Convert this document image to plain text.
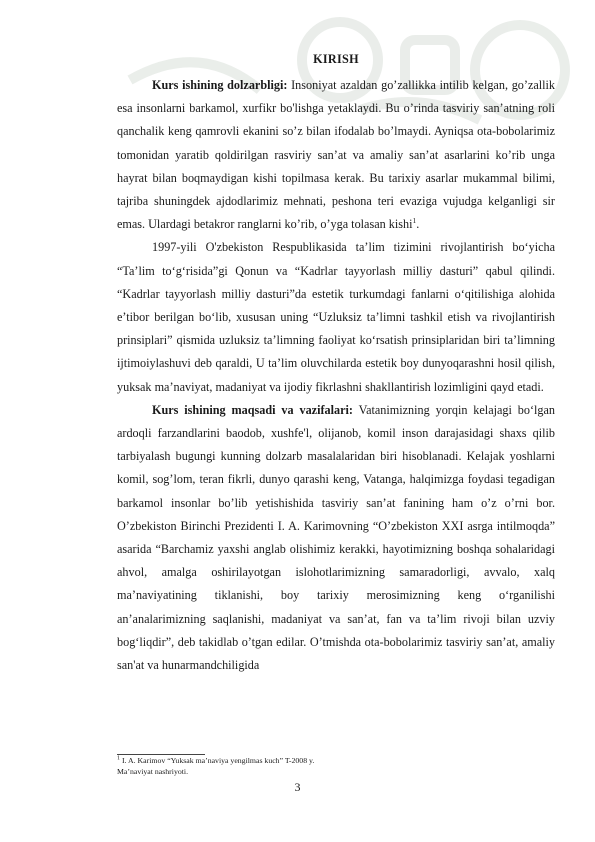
KIRISH

Kurs ishining dolzarbligi: Insoniyat azaldan go’zallikka intilib kelgan, go’zallik esa insonlarni barkamol, xurfikr bo'lishga yetaklaydi. Bu o’rinda tasviriy san’atning roli qanchalik keng qamrovli ekanini so’z bilan ifodalab bo’lmaydi. Ayniqsa ota-bobolarimiz tomonidan yaratib qoldirilgan rasviriy san’at va amaliy san’at asarlarini ko’rib unga hayrat bilan boqmaydigan kishi topilmasa kerak. Bu tarixiy asarlar mukammal bilimi, tajriba shuningdek ajdodlarimiz mehnati, peshona teri evaziga vujudga kelganligi sir emas. Ulardagi betakror ranglarni ko’rib, o’yga tolasan kishi$^1$.

1997-yili O'zbekiston Respublikasida ta’lim tizimini rivojlantirish bo‘yicha “Ta’lim to‘g‘risida”gi Qonun va “Kadrlar tayyorlash milliy dasturi” qabul qilindi. “Kadrlar tayyorlash milliy dasturi”da estetik turkumdagi fanlarni o‘qitilishiga alohida e’tibor berilgan bo‘lib, xususan uning “Uzluksiz ta’limni tashkil etish va rivojlantirish prinsiplari” qismida uzluksiz ta’limning faoliyat ko‘rsatish prinsiplaridan biri ta’limning ijtimoiylashuvi deb qaraldi, U ta’lim oluvchilarda estetik boy dunyoqarashni hosil qilish, yuksak ma’naviyat, madaniyat va ijodiy fikrlashni shakllantirish lozimligini qayd etadi.

Kurs ishining maqsadi va vazifalari: Vatanimizning yorqin kelajagi bo‘lgan ardoqli farzandlarini baodob, xushfe'l, olijanob, komil inson darajasidagi shaxs qilib tarbiyalash bugungi kunning dolzarb masalalaridan biri hisoblanadi. Kelajak yoshlarni komil, sog’lom, teran fikrli, dunyo qarashi keng, Vatanga, halqimizga foydasi tegadigan barkamol insonlar bo’lib yetishishida tasviriy san’at fanining ham o’z o’rni bor. O’zbekiston Birinchi Prezidenti I. A. Karimovning “O’zbekiston XXI asrga intilmoqda” asarida “Barchamiz yaxshi anglab olishimiz kerakki, hayotimizning boshqa sohalaridagi ahvol, amalga oshirilayotgan islohotlarimizning samaradorligi, avvalo, xalq ma’naviyatining tiklanishi, boy tarixiy merosimizning keng o‘rganilishi an’analarimizning saqlanishi, madaniyat va san’at, fan va ta’lim rivoji bilan uzviy bog‘liqdir”, deb takidlab o’tgan edilar. O’tmishda ota-bobolarimiz tasviriy san’at, amaliy san'at va hunarmandchiligida

$^1$ I. A. Karimov “Yuksak ma’naviya yengilmas kuch” T-2008 y.
Ma’naviyat nashriyoti.
3
